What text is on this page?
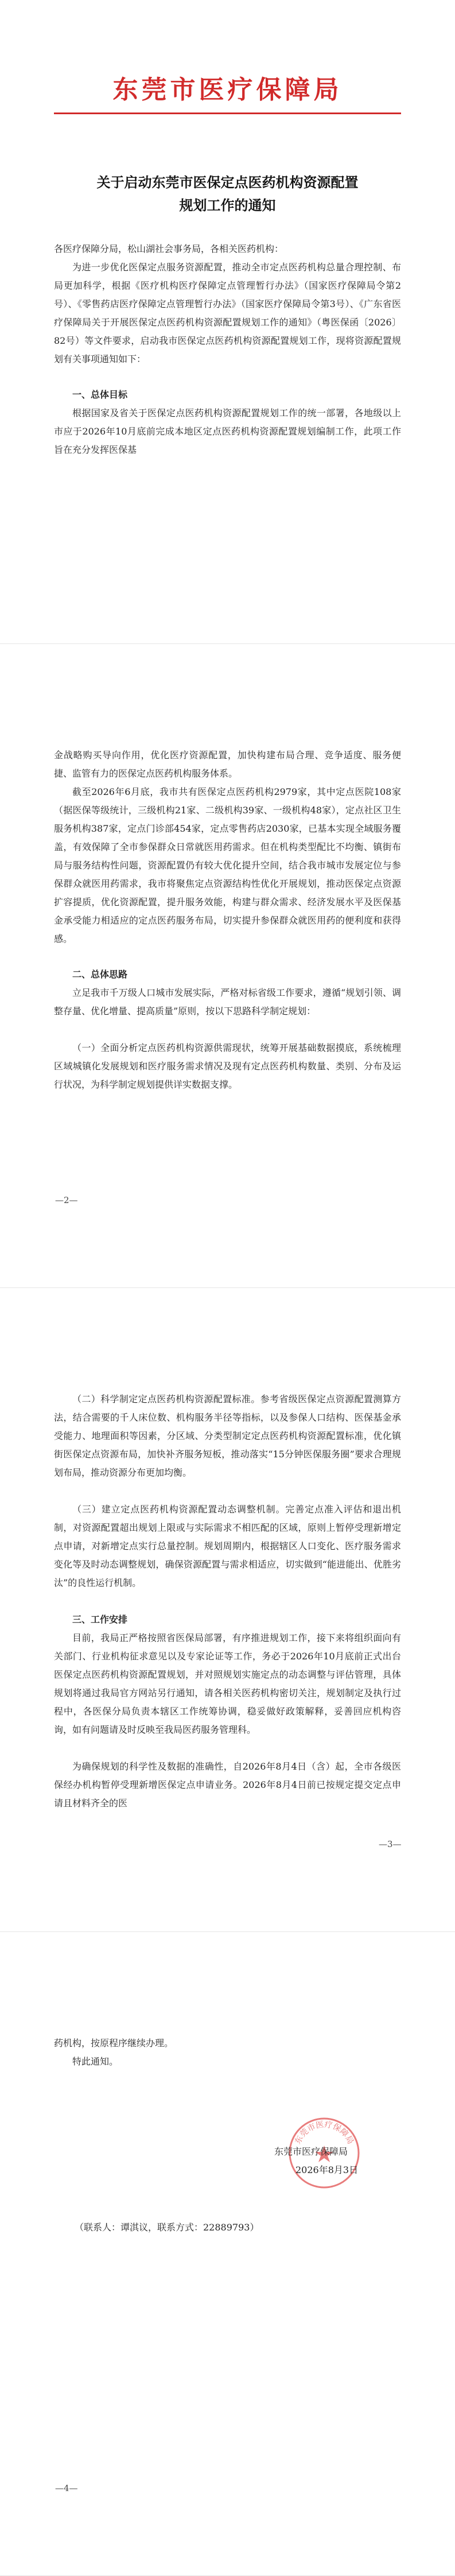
东莞市医疗保障局
关于启动东莞市医保定点医药机构资源配置
规划工作的通知

各医疗保障分局，松山湖社会事务局，各相关医药机构：

为进一步优化医保定点服务资源配置，推动全市定点医药机构总量合理控制、布局更加科学，根据《医疗机构医疗保障定点管理暂行办法》（国家医疗保障局令第2号）、《零售药店医疗保障定点管理暂行办法》（国家医疗保障局令第3号）、《广东省医疗保障局关于开展医保定点医药机构资源配置规划工作的通知》（粤医保函〔2026〕82号）等文件要求，启动我市医保定点医药机构资源配置规划工作，现将资源配置规划有关事项通知如下：

一、总体目标

根据国家及省关于医保定点医药机构资源配置规划工作的统一部署，各地级以上市应于2026年10月底前完成本地区定点医药机构资源配置规划编制工作，此项工作旨在充分发挥医保基

金战略购买导向作用，优化医疗资源配置，加快构建布局合理、竞争适度、服务便捷、监管有力的医保定点医药机构服务体系。

截至2026年6月底，我市共有医保定点医药机构2979家，其中定点医院108家（据医保等级统计，三级机构21家、二级机构39家、一级机构48家），定点社区卫生服务机构387家，定点门诊部454家，定点零售药店2030家，已基本实现全域服务覆盖，有效保障了全市参保群众日常就医用药需求。但在机构类型配比不均衡、镇街布局与服务结构性问题，资源配置仍有较大优化提升空间，结合我市城市发展定位与参保群众就医用药需求，我市将聚焦定点资源结构性优化开展规划，推动医保定点资源扩容提质，优化资源配置，提升服务效能，构建与群众需求、经济发展水平及医保基金承受能力相适应的定点医药服务布局，切实提升参保群众就医用药的便利度和获得感。

二、总体思路

立足我市千万级人口城市发展实际，严格对标省级工作要求，遵循“规划引领、调整存量、优化增量、提高质量”原则，按以下思路科学制定规划：

（一）全面分析定点医药机构资源供需现状，统筹开展基础数据摸底，系统梳理区域城镇化发展规划和医疗服务需求情况及现有定点医药机构数量、类别、分布及运行状况，为科学制定规划提供详实数据支撑。

—2—

（二）科学制定定点医药机构资源配置标准。参考省级医保定点资源配置测算方法，结合需要的千人床位数、机构服务半径等指标，以及参保人口结构、医保基金承受能力、地理面积等因素，分区域、分类型制定定点医药机构资源配置标准，优化镇街医保定点资源布局，加快补齐服务短板，推动落实“15分钟医保服务圈”要求合理规划布局，推动资源分布更加均衡。

（三）建立定点医药机构资源配置动态调整机制。完善定点准入评估和退出机制，对资源配置超出规划上限或与实际需求不相匹配的区域，原则上暂停受理新增定点申请，对新增定点实行总量控制。规划周期内，根据辖区人口变化、医疗服务需求变化等及时动态调整规划，确保资源配置与需求相适应，切实做到“能进能出、优胜劣汰”的良性运行机制。

三、工作安排

目前，我局正严格按照省医保局部署，有序推进规划工作，接下来将组织面向有关部门、行业机构征求意见以及专家论证等工作，务必于2026年10月底前正式出台医保定点医药机构资源配置规划，并对照规划实施定点的动态调整与评估管理，具体规划将通过我局官方网站另行通知，请各相关医药机构密切关注，规划制定及执行过程中，各医保分局负责本辖区工作统筹协调，稳妥做好政策解释，妥善回应机构咨询，如有问题请及时反映至我局医药服务管理科。

为确保规划的科学性及数据的准确性，自2026年8月4日（含）起，全市各级医保经办机构暂停受理新增医保定点申请业务。2026年8月4日前已按规定提交定点申请且材料齐全的医

—3—

药机构，按原程序继续办理。

特此通知。

东莞市医疗保障局
东莞市医疗保障局
2026年8月3日
（联系人：谭淇议，联系方式：22889793）
—4—
